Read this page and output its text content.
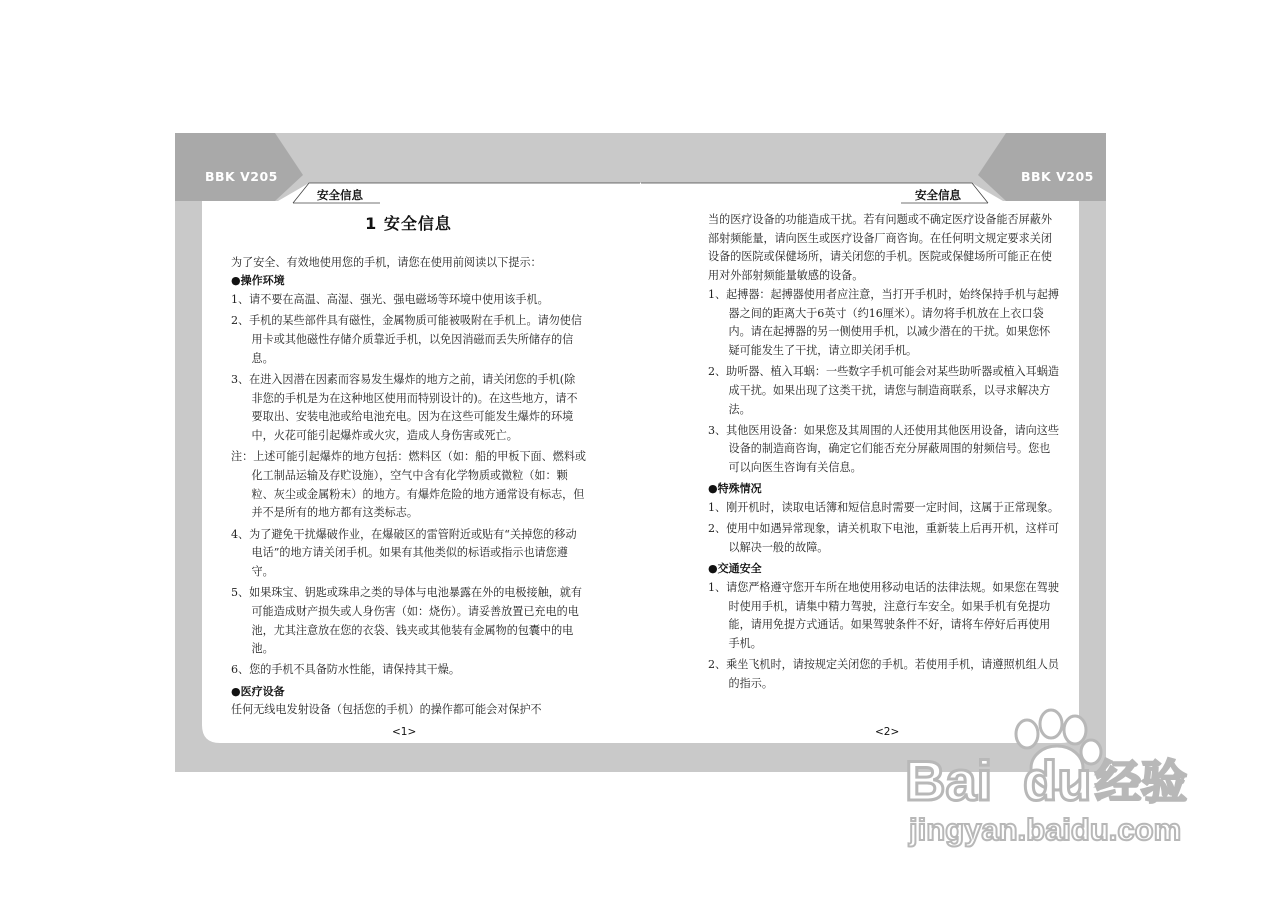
BBK V205	BBK V205
安全信息	安全信息

1 安全信息

为了安全、有效地使用您的手机，请您在使用前阅读以下提示：

●操作环境

1、请不要在高温、高湿、强光、强电磁场等环境中使用该手机。

2、手机的某些部件具有磁性，金属物质可能被吸附在手机上。请勿使信用卡或其他磁性存储介质靠近手机，以免因消磁而丢失所储存的信息。

3、在进入因潜在因素而容易发生爆炸的地方之前，请关闭您的手机(除非您的手机是为在这种地区使用而特别设计的)。在这些地方，请不要取出、安装电池或给电池充电。因为在这些可能发生爆炸的环境中，火花可能引起爆炸或火灾，造成人身伤害或死亡。

注：上述可能引起爆炸的地方包括：燃料区（如：船的甲板下面、燃料或化工制品运输及存贮设施），空气中含有化学物质或微粒（如：颗粒、灰尘或金属粉末）的地方。有爆炸危险的地方通常设有标志，但并不是所有的地方都有这类标志。

4、为了避免干扰爆破作业，在爆破区的雷管附近或贴有“关掉您的移动电话”的地方请关闭手机。如果有其他类似的标语或指示也请您遵守。

5、如果珠宝、钥匙或珠串之类的导体与电池暴露在外的电极接触，就有可能造成财产损失或人身伤害（如：烧伤）。请妥善放置已充电的电池，尤其注意放在您的衣袋、钱夹或其他装有金属物的包囊中的电池。

6、您的手机不具备防水性能，请保持其干燥。

●医疗设备

任何无线电发射设备（包括您的手机）的操作都可能会对保护不

当的医疗设备的功能造成干扰。若有问题或不确定医疗设备能否屏蔽外部射频能量，请向医生或医疗设备厂商咨询。在任何明文规定要求关闭设备的医院或保健场所，请关闭您的手机。医院或保健场所可能正在使用对外部射频能量敏感的设备。

1、起搏器：起搏器使用者应注意，当打开手机时，始终保持手机与起搏器之间的距离大于6英寸（约16厘米）。请勿将手机放在上衣口袋内。请在起搏器的另一侧使用手机，以减少潜在的干扰。如果您怀疑可能发生了干扰，请立即关闭手机。

2、助听器、植入耳蜗：一些数字手机可能会对某些助听器或植入耳蜗造成干扰。如果出现了这类干扰，请您与制造商联系，以寻求解决方法。

3、其他医用设备：如果您及其周围的人还使用其他医用设备，请向这些设备的制造商咨询，确定它们能否充分屏蔽周围的射频信号。您也可以向医生咨询有关信息。

●特殊情况

1、刚开机时，读取电话簿和短信息时需要一定时间，这属于正常现象。

2、使用中如遇异常现象，请关机取下电池，重新装上后再开机，这样可以解决一般的故障。

●交通安全

1、请您严格遵守您开车所在地使用移动电话的法律法规。如果您在驾驶时使用手机，请集中精力驾驶，注意行车安全。如果手机有免提功能，请用免提方式通话。如果驾驶条件不好，请将车停好后再使用手机。

2、乘坐飞机时，请按规定关闭您的手机。若使用手机，请遵照机组人员的指示。

<1>	<2>
Bai du 经验
jingyan.baidu.com
